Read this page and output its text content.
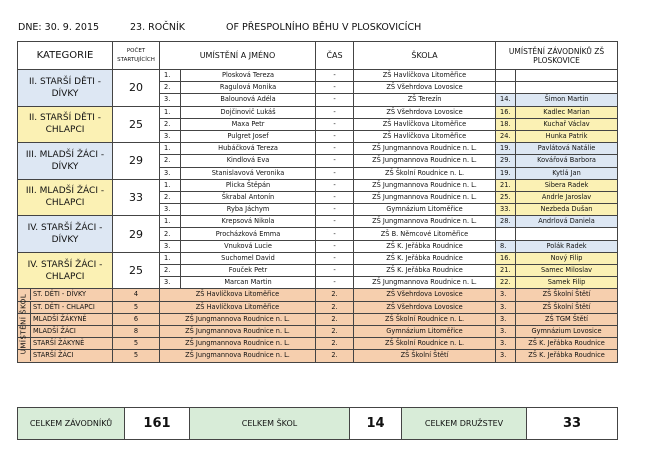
DNE: 30. 9. 2015	23. ROČNÍK	OF PŘESPOLNÍHO BĚHU V PLOSKOVICÍCH
KATEGORIE	POČET STARTUJÍCÍCH	UMÍSTĚNÍ A JMÉNO		ČAS	ŠKOLA	UMÍSTĚNÍ ZÁVODNÍKŮ ZŠ PLOSKOVICE	
II. STARŠÍ DĚTI - DÍVKY	20	1.	Plosková Tereza	-	ZŠ Havlíčkova Litoměřice		
		2.	Ragulová Monika	-	ZŠ Všehrdova Lovosice		
		3.	Balounová Adéla	-	ZŠ Terezín	14.	Šimon Martin
II. STARŠÍ DĚTI - CHLAPCI	25	1.	Dojčinovič Lukáš	-	ZŠ Všehrdova Lovosice	16.	Kadlec Marian
		2.	Maxa Petr	-	ZŠ Havlíčkova Litoměřice	18.	Kuchař Václav
		3.	Pulgret Josef	-	ZŠ Havlíčkova Litoměřice	24.	Hunka Patrik
III. MLADŠÍ ŽÁCI - DÍVKY	29	1.	Hubáčková Tereza	-	ZŠ Jungmannova Roudnice n. L.	19.	Pavlátová Natálie
		2.	Kindlová Eva	-	ZŠ Jungmannova Roudnice n. L.	29.	Kovářová Barbora
		3.	Stanislavová Veronika	-	ZŠ Školní Roudnice n. L.	19.	Kytlá Jan
III. MLADŠÍ ŽÁCI - CHLAPCI	33	1.	Plicka Štěpán	-	ZŠ Jungmannova Roudnice n. L.	21.	Sibera Radek
		2.	Škrabal Antonín	-	ZŠ Jungmannova Roudnice n. L.	25.	Andrle Jaroslav
		3.	Ryba Jáchym	-	Gymnázium Litoměřice	33.	Nezbeda Dušan
IV. STARŠÍ ŽÁCI - DÍVKY	29	1.	Krepsová Nikola	-	ZŠ Jungmannova Roudnice n. L.	28.	Andrlová Daniela
		2.	Procházková Emma	-	ZŠ B. Němcové Litoměřice		
		3.	Vnuková Lucie	-	ZŠ K. Jeřábka Roudnice	8.	Polák Radek
IV. STARŠÍ ŽÁCI - CHLAPCI	25	1.	Suchomel David	-	ZŠ K. Jeřábka Roudnice	16.	Nový Filip
		2.	Fouček Petr	-	ZŠ K. Jeřábka Roudnice	21.	Samec Miloslav
		3.	Marcan Martin	-	ZŠ Jungmannova Roudnice n. L.	22.	Samek Filip

ST. DĚTI - DÍVKY	4	ZŠ Havlíčkova Litoměřice		2.	ZŠ Všehrdova Lovosice	3.	ZŠ Školní Štětí

ST. DĚTI - CHLAPCI	5	ZŠ Havlíčkova Litoměřice		2.	ZŠ Všehrdova Lovosice	3.	ZŠ Školní Štětí

MLADŠÍ ŽÁKYNĚ	6	ZŠ Jungmannova Roudnice n. L.		2.	ZŠ Školní Roudnice n. L.	3.	ZŠ TGM Štětí

MLADŠÍ ŽÁCI	8	ZŠ Jungmannova Roudnice n. L.		2.	Gymnázium Litoměřice	3.	Gymnázium Lovosice

STARŠÍ ŽÁKYNĚ	5	ZŠ Jungmannova Roudnice n. L.		2.	ZŠ Školní Roudnice n. L.	3.	ZŠ K. Jeřábka Roudnice

STARŠÍ ŽÁCI	5	ZŠ Jungmannova Roudnice n. L.		2.	ZŠ Školní Štětí	3.	ZŠ K. Jeřábka Roudnice
CELKEM ZÁVODNÍKŮ	161	CELKEM ŠKOL	14	CELKEM DRUŽSTEV	33
UMÍSTĚNÍ ŠKOL
